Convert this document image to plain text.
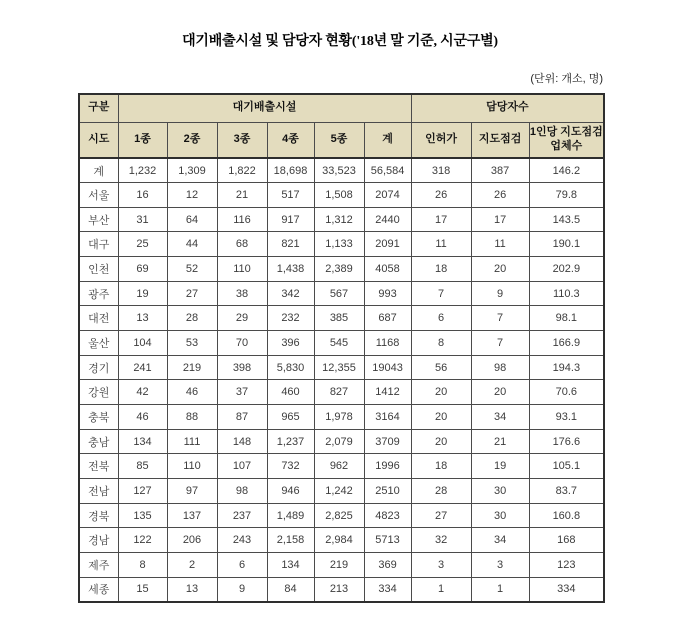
대기배출시설 및 담당자 현황('18년 말 기준, 시군구별)
(단위: 개소, 명)
구분	대기배출시설						담당자수		
시도	1종	2종	3종	4종	5종	계	인허가	지도점검	1인당 지도점검 업체수
계	1,232	1,309	1,822	18,698	33,523	56,584	318	387	146.2
서울	16	12	21	517	1,508	2074	26	26	79.8
부산	31	64	116	917	1,312	2440	17	17	143.5
대구	25	44	68	821	1,133	2091	11	11	190.1
인천	69	52	110	1,438	2,389	4058	18	20	202.9
광주	19	27	38	342	567	993	7	9	110.3
대전	13	28	29	232	385	687	6	7	98.1
울산	104	53	70	396	545	1168	8	7	166.9
경기	241	219	398	5,830	12,355	19043	56	98	194.3
강원	42	46	37	460	827	1412	20	20	70.6
충북	46	88	87	965	1,978	3164	20	34	93.1
충남	134	111	148	1,237	2,079	3709	20	21	176.6
전북	85	110	107	732	962	1996	18	19	105.1
전남	127	97	98	946	1,242	2510	28	30	83.7
경북	135	137	237	1,489	2,825	4823	27	30	160.8
경남	122	206	243	2,158	2,984	5713	32	34	168
제주	8	2	6	134	219	369	3	3	123
세종	15	13	9	84	213	334	1	1	334
